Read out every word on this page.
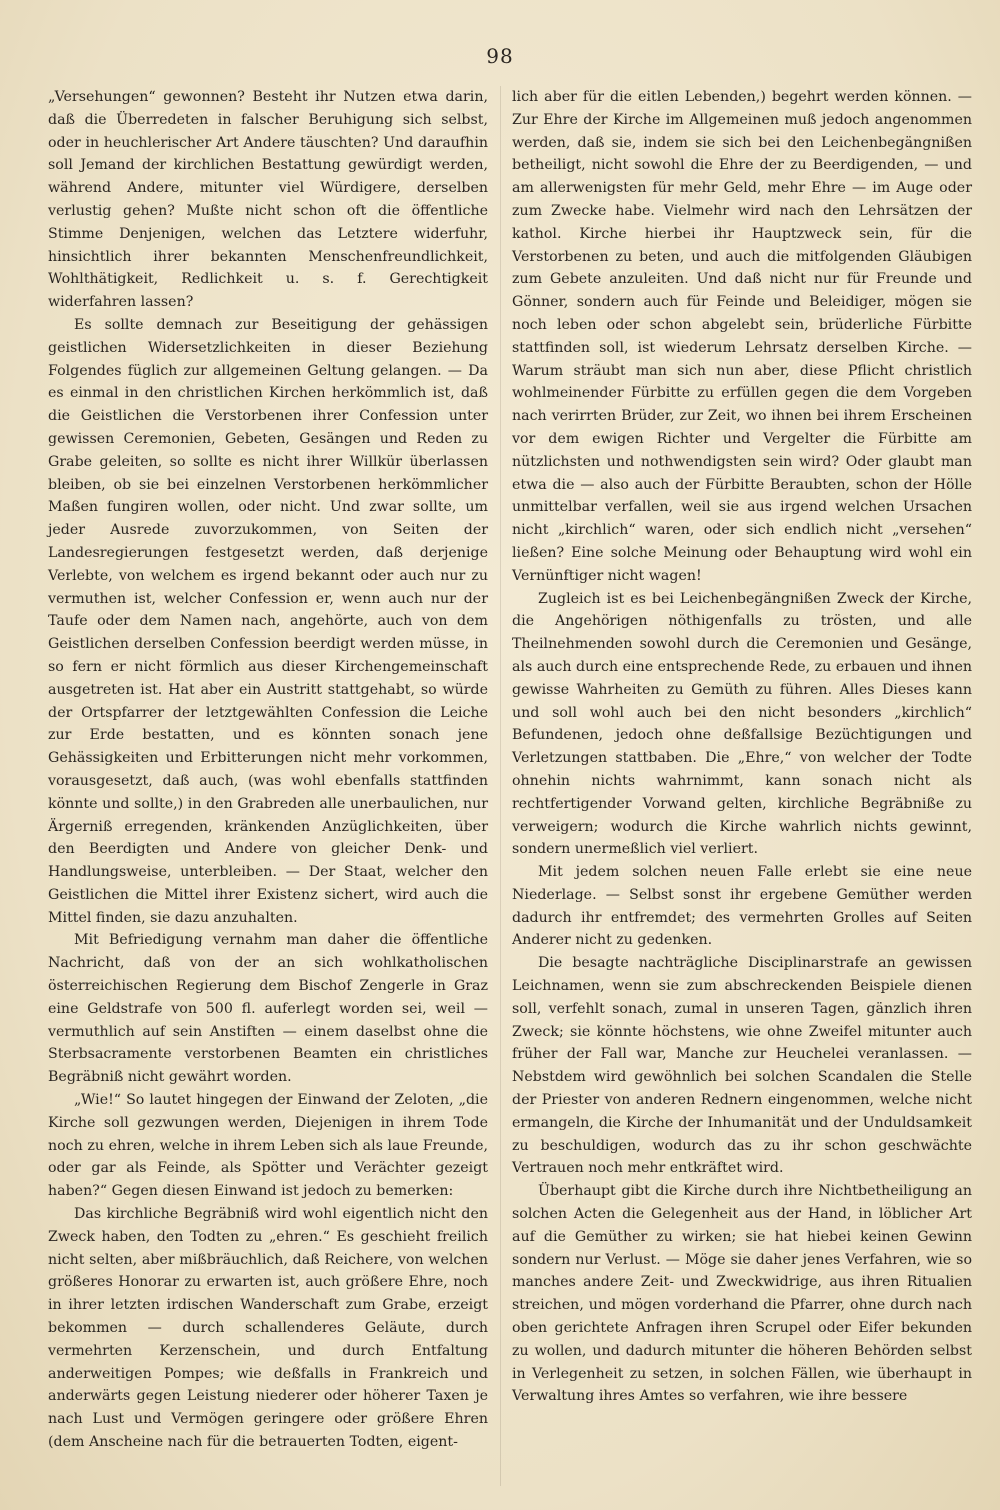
98

„Versehungen“ gewonnen? Besteht ihr Nutzen etwa darin, daß die Überredeten in falscher Beruhigung sich selbst, oder in heuchlerischer Art Andere täuschten? Und daraufhin soll Jemand der kirchlichen Bestattung gewürdigt werden, während Andere, mitunter viel Würdigere, derselben verlustig gehen? Mußte nicht schon oft die öffentliche Stimme Denjenigen, welchen das Letztere widerfuhr, hinsichtlich ihrer bekannten Menschenfreundlichkeit, Wohlthätigkeit, Redlichkeit u. s. f. Gerechtigkeit widerfahren lassen?

Es sollte demnach zur Beseitigung der gehässigen geistlichen Widersetzlichkeiten in dieser Beziehung Folgendes füglich zur allgemeinen Geltung gelangen. — Da es einmal in den christlichen Kirchen herkömmlich ist, daß die Geistlichen die Verstorbenen ihrer Confession unter gewissen Ceremonien, Gebeten, Gesängen und Reden zu Grabe geleiten, so sollte es nicht ihrer Willkür überlassen bleiben, ob sie bei einzelnen Verstorbenen herkömmlicher Maßen fungiren wollen, oder nicht. Und zwar sollte, um jeder Ausrede zuvorzukommen, von Seiten der Landesregierungen festgesetzt werden, daß derjenige Verlebte, von welchem es irgend bekannt oder auch nur zu vermuthen ist, welcher Confession er, wenn auch nur der Taufe oder dem Namen nach, angehörte, auch von dem Geistlichen derselben Confession beerdigt werden müsse, in so fern er nicht förmlich aus dieser Kirchengemeinschaft ausgetreten ist. Hat aber ein Austritt stattgehabt, so würde der Ortspfarrer der letztgewählten Confession die Leiche zur Erde bestatten, und es könnten sonach jene Gehässigkeiten und Erbitterungen nicht mehr vorkommen, vorausgesetzt, daß auch, (was wohl ebenfalls stattfinden könnte und sollte,) in den Grabreden alle unerbaulichen, nur Ärgerniß erregenden, kränkenden Anzüglichkeiten, über den Beerdigten und Andere von gleicher Denk- und Handlungsweise, unterbleiben. — Der Staat, welcher den Geistlichen die Mittel ihrer Existenz sichert, wird auch die Mittel finden, sie dazu anzuhalten.

Mit Befriedigung vernahm man daher die öffentliche Nachricht, daß von der an sich wohlkatholischen österreichischen Regierung dem Bischof Zengerle in Graz eine Geldstrafe von 500 fl. auferlegt worden sei, weil — vermuthlich auf sein Anstiften — einem daselbst ohne die Sterbsacramente verstorbenen Beamten ein christliches Begräbniß nicht gewährt worden.

„Wie!“ So lautet hingegen der Einwand der Zeloten, „die Kirche soll gezwungen werden, Diejenigen in ihrem Tode noch zu ehren, welche in ihrem Leben sich als laue Freunde, oder gar als Feinde, als Spötter und Verächter gezeigt haben?“ Gegen diesen Einwand ist jedoch zu bemerken:

Das kirchliche Begräbniß wird wohl eigentlich nicht den Zweck haben, den Todten zu „ehren.“ Es geschieht freilich nicht selten, aber mißbräuchlich, daß Reichere, von welchen größeres Honorar zu erwarten ist, auch größere Ehre, noch in ihrer letzten irdischen Wanderschaft zum Grabe, erzeigt bekommen — durch schallenderes Geläute, durch vermehrten Kerzenschein, und durch Entfaltung anderweitigen Pompes; wie deßfalls in Frankreich und anderwärts gegen Leistung niederer oder höherer Taxen je nach Lust und Vermögen geringere oder größere Ehren (dem Anscheine nach für die betrauerten Todten, eigent-

lich aber für die eitlen Lebenden,) begehrt werden können. — Zur Ehre der Kirche im Allgemeinen muß jedoch angenommen werden, daß sie, indem sie sich bei den Leichenbegängnißen betheiligt, nicht sowohl die Ehre der zu Beerdigenden, — und am allerwenigsten für mehr Geld, mehr Ehre — im Auge oder zum Zwecke habe. Vielmehr wird nach den Lehrsätzen der kathol. Kirche hierbei ihr Hauptzweck sein, für die Verstorbenen zu beten, und auch die mitfolgenden Gläubigen zum Gebete anzuleiten. Und daß nicht nur für Freunde und Gönner, sondern auch für Feinde und Beleidiger, mögen sie noch leben oder schon abgelebt sein, brüderliche Fürbitte stattfinden soll, ist wiederum Lehrsatz derselben Kirche. — Warum sträubt man sich nun aber, diese Pflicht christlich wohlmeinender Fürbitte zu erfüllen gegen die dem Vorgeben nach verirrten Brüder, zur Zeit, wo ihnen bei ihrem Erscheinen vor dem ewigen Richter und Vergelter die Fürbitte am nützlichsten und nothwendigsten sein wird? Oder glaubt man etwa die — also auch der Fürbitte Beraubten, schon der Hölle unmittelbar verfallen, weil sie aus irgend welchen Ursachen nicht „kirchlich“ waren, oder sich endlich nicht „versehen“ ließen? Eine solche Meinung oder Behauptung wird wohl ein Vernünftiger nicht wagen!

Zugleich ist es bei Leichenbegängnißen Zweck der Kirche, die Angehörigen nöthigenfalls zu trösten, und alle Theilnehmenden sowohl durch die Ceremonien und Gesänge, als auch durch eine entsprechende Rede, zu erbauen und ihnen gewisse Wahrheiten zu Gemüth zu führen. Alles Dieses kann und soll wohl auch bei den nicht besonders „kirchlich“ Befundenen, jedoch ohne deßfallsige Bezüchtigungen und Verletzungen stattbaben. Die „Ehre,“ von welcher der Todte ohnehin nichts wahrnimmt, kann sonach nicht als rechtfertigender Vorwand gelten, kirchliche Begräbniße zu verweigern; wodurch die Kirche wahrlich nichts gewinnt, sondern unermeßlich viel verliert.

Mit jedem solchen neuen Falle erlebt sie eine neue Niederlage. — Selbst sonst ihr ergebene Gemüther werden dadurch ihr entfremdet; des vermehrten Grolles auf Seiten Anderer nicht zu gedenken.

Die besagte nachträgliche Disciplinarstrafe an gewissen Leichnamen, wenn sie zum abschreckenden Beispiele dienen soll, verfehlt sonach, zumal in unseren Tagen, gänzlich ihren Zweck; sie könnte höchstens, wie ohne Zweifel mitunter auch früher der Fall war, Manche zur Heuchelei veranlassen. — Nebstdem wird gewöhnlich bei solchen Scandalen die Stelle der Priester von anderen Rednern eingenommen, welche nicht ermangeln, die Kirche der Inhumanität und der Unduldsamkeit zu beschuldigen, wodurch das zu ihr schon geschwächte Vertrauen noch mehr entkräftet wird.

Überhaupt gibt die Kirche durch ihre Nichtbetheiligung an solchen Acten die Gelegenheit aus der Hand, in löblicher Art auf die Gemüther zu wirken; sie hat hiebei keinen Gewinn sondern nur Verlust. — Möge sie daher jenes Verfahren, wie so manches andere Zeit- und Zweckwidrige, aus ihren Ritualien streichen, und mögen vorderhand die Pfarrer, ohne durch nach oben gerichtete Anfragen ihren Scrupel oder Eifer bekunden zu wollen, und dadurch mitunter die höheren Behörden selbst in Verlegenheit zu setzen, in solchen Fällen, wie überhaupt in Verwaltung ihres Amtes so verfahren, wie ihre bessere
